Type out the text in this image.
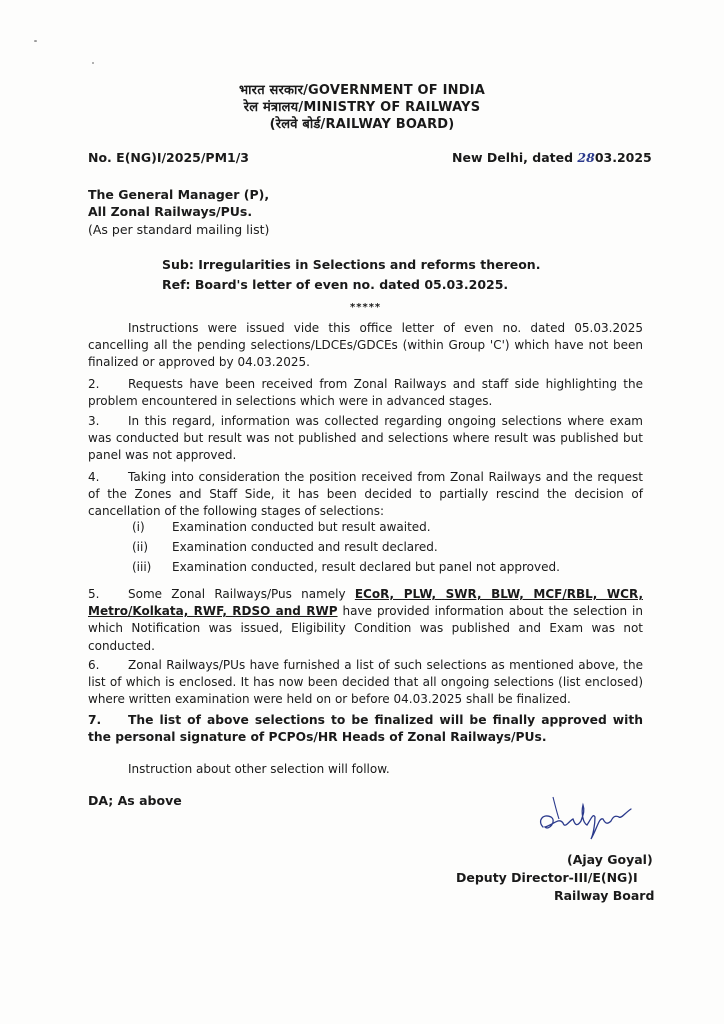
भारत सरकार/GOVERNMENT OF INDIA
रेल मंत्रालय/MINISTRY OF RAILWAYS
(रेलवे बोर्ड/RAILWAY BOARD)
No. E(NG)I/2025/PM1/3	New Delhi, dated 2803.2025
The General Manager (P),
All Zonal Railways/PUs.
(As per standard mailing list)
Sub: Irregularities in Selections and reforms thereon.
Ref: Board's letter of even no. dated 05.03.2025.
*****
Instructions were issued vide this office letter of even no. dated 05.03.2025 cancelling all the pending selections/LDCEs/GDCEs (within Group 'C') which have not been finalized or approved by 04.03.2025.
2. Requests have been received from Zonal Railways and staff side highlighting the problem encountered in selections which were in advanced stages.
3. In this regard, information was collected regarding ongoing selections where exam was conducted but result was not published and selections where result was published but panel was not approved.
4. Taking into consideration the position received from Zonal Railways and the request of the Zones and Staff Side, it has been decided to partially rescind the decision of cancellation of the following stages of selections:
(i) Examination conducted but result awaited.
(ii) Examination conducted and result declared.
(iii) Examination conducted, result declared but panel not approved.
5. Some Zonal Railways/Pus namely ECoR, PLW, SWR, BLW, MCF/RBL, WCR, Metro/Kolkata, RWF, RDSO and RWP have provided information about the selection in which Notification was issued, Eligibility Condition was published and Exam was not conducted.
6. Zonal Railways/PUs have furnished a list of such selections as mentioned above, the list of which is enclosed. It has now been decided that all ongoing selections (list enclosed) where written examination were held on or before 04.03.2025 shall be finalized.
7. The list of above selections to be finalized will be finally approved with the personal signature of PCPOs/HR Heads of Zonal Railways/PUs.
Instruction about other selection will follow.
DA; As above
(Ajay Goyal)
Deputy Director-III/E(NG)I
Railway Board
